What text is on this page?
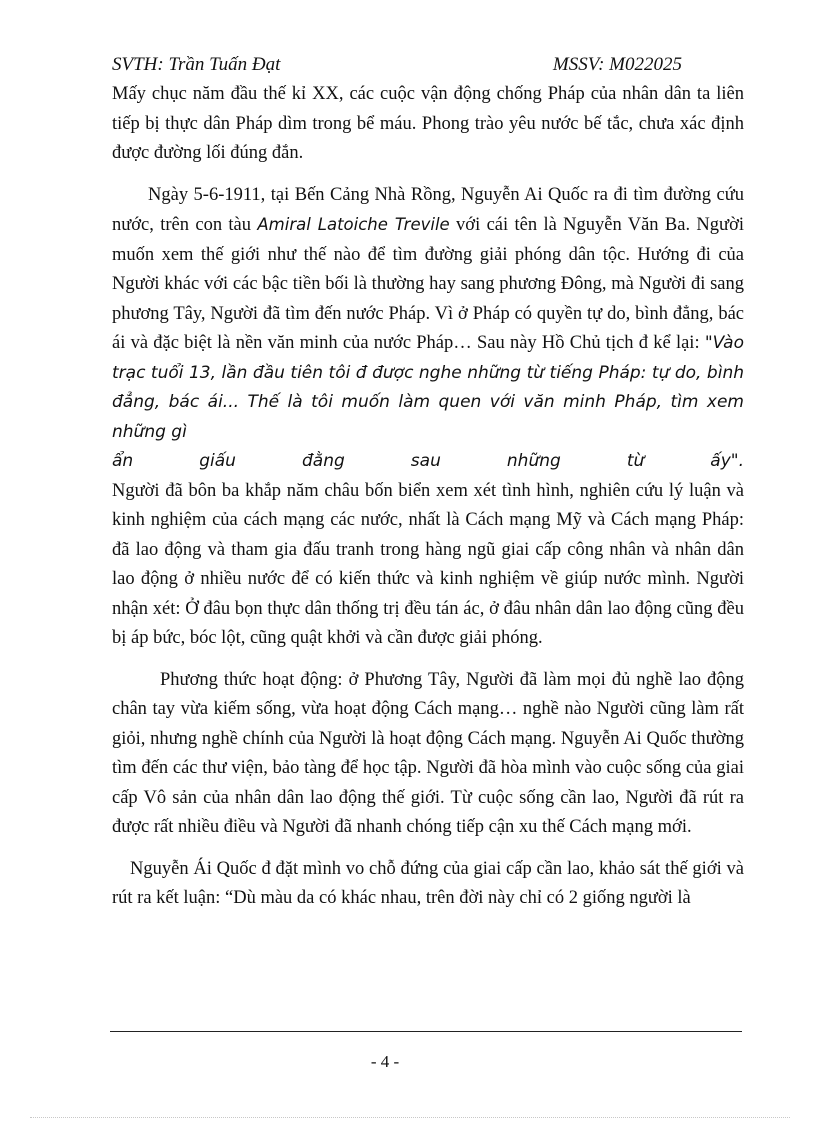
SVTH: Trần Tuấn Đạt	MSSV: M022025

Mấy chục năm đầu thế kỉ XX, các cuộc vận động chống Pháp của nhân dân ta liên tiếp bị thực dân Pháp dìm trong bể máu. Phong trào yêu nước bế tắc, chưa xác định được đường lối đúng đắn.

Ngày 5-6-1911, tại Bến Cảng Nhà Rồng, Nguyễn Ai Quốc ra đi tìm đường cứu nước, trên con tàu Amiral Latoiche Trevile với cái tên là Nguyễn Văn Ba. Người muốn xem thế giới như thế nào để tìm đường giải phóng dân tộc. Hướng đi của Người khác với các bậc tiền bối là thường hay sang phương Đông, mà Người đi sang phương Tây, Người đã tìm đến nước Pháp. Vì ở Pháp có quyền tự do, bình đẳng, bác ái và đặc biệt là nền văn minh của nước Pháp… Sau này Hồ Chủ tịch đ kể lại: "Vào trạc tuổi 13, lần đầu tiên tôi đ được nghe những từ tiếng Pháp: tự do, bình đẳng, bác ái... Thế là tôi muốn làm quen với văn minh Pháp, tìm xem những gì

ẩn	giấu	đằng	sau	những	từ	ấy".

Người đã bôn ba khắp năm châu bốn biển xem xét tình hình, nghiên cứu lý luận và kinh nghiệm của cách mạng các nước, nhất là Cách mạng Mỹ và Cách mạng Pháp: đã lao động và tham gia đấu tranh trong hàng ngũ giai cấp công nhân và nhân dân lao động ở nhiều nước để có kiến thức và kinh nghiệm về giúp nước mình. Người nhận xét: Ở đâu bọn thực dân thống trị đều tán ác, ở đâu nhân dân lao động cũng đều bị áp bức, bóc lột, cũng quật khởi và cần được giải phóng.

Phương thức hoạt động: ở Phương Tây, Người đã làm mọi đủ nghề lao động chân tay vừa kiếm sống, vừa hoạt động Cách mạng… nghề nào Người cũng làm rất giỏi, nhưng nghề chính của Người là hoạt động Cách mạng. Nguyễn Ai Quốc thường tìm đến các thư viện, bảo tàng để học tập. Người đã hòa mình vào cuộc sống của giai cấp Vô sản của nhân dân lao động thế giới. Từ cuộc sống cần lao, Người đã rút ra được rất nhiều điều và Người đã nhanh chóng tiếp cận xu thế Cách mạng mới.

Nguyễn Ái Quốc đ đặt mình vo chỗ đứng của giai cấp cần lao, khảo sát thế giới và rút ra kết luận: “Dù màu da có khác nhau, trên đời này chỉ có 2 giống người là

- 4 -
